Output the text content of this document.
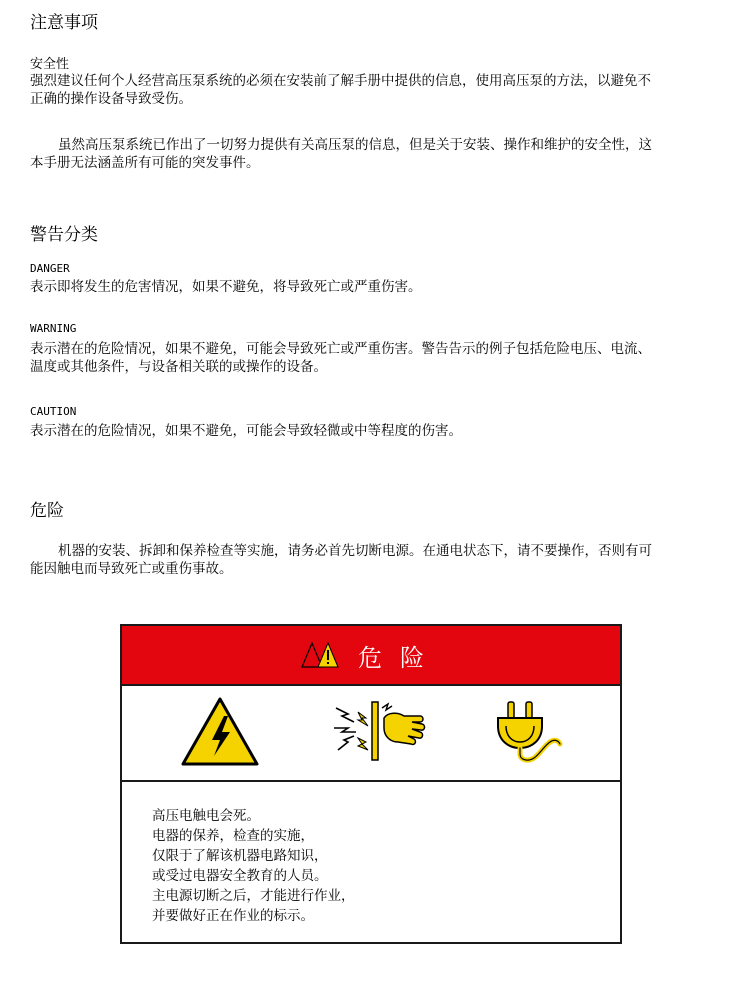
注意事项
安全性
强烈建议任何个人经营高压泵系统的必须在安装前了解手册中提供的信息，使用高压泵的方法，以避免不
正确的操作设备导致受伤。
虽然高压泵系统已作出了一切努力提供有关高压泵的信息，但是关于安装、操作和维护的安全性，这
本手册无法涵盖所有可能的突发事件。
警告分类
DANGER
表示即将发生的危害情况，如果不避免，将导致死亡或严重伤害。
WARNING
表示潜在的危险情况，如果不避免，可能会导致死亡或严重伤害。警告告示的例子包括危险电压、电流、
温度或其他条件，与设备相关联的或操作的设备。
CAUTION
表示潜在的危险情况，如果不避免，可能会导致轻微或中等程度的伤害。
危险
机器的安装、拆卸和保养检查等实施，请务必首先切断电源。在通电状态下，请不要操作，否则有可
能因触电而导致死亡或重伤事故。
危险
高压电触电会死。
电器的保养，检查的实施，
仅限于了解该机器电路知识，
或受过电器安全教育的人员。
主电源切断之后，才能进行作业，
并要做好正在作业的标示。
